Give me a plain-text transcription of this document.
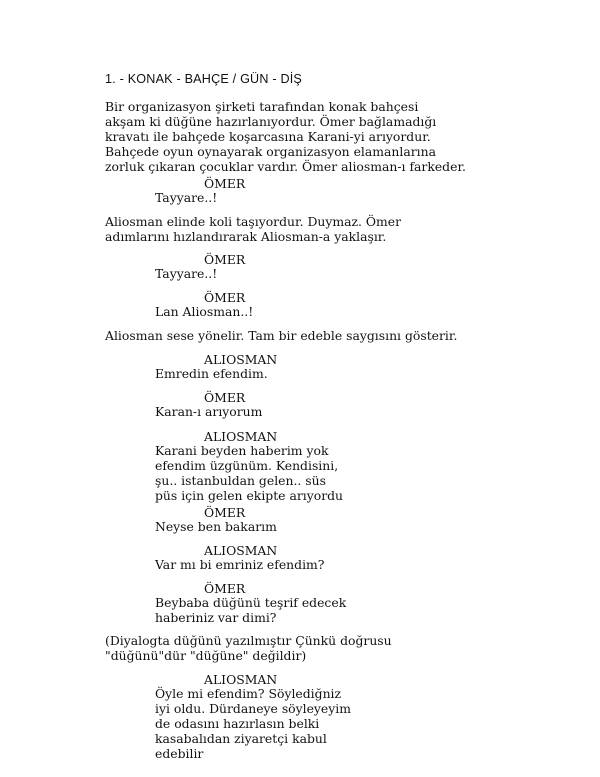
1. - KONAK - BAHÇE / GÜN - DİŞ
Bir organizasyon şirketi tarafından konak bahçesi
akşam ki düğüne hazırlanıyordur. Ömer bağlamadığı
kravatı ile bahçede koşarcasına Karani-yi arıyordur.
Bahçede oyun oynayarak organizasyon elamanlarına
zorluk çıkaran çocuklar vardır. Ömer aliosman-ı farkeder.
ÖMER
Tayyare..!
Aliosman elinde koli taşıyordur. Duymaz. Ömer
adımlarını hızlandırarak Aliosman-a yaklaşır.
ÖMER
Tayyare..!
ÖMER
Lan Aliosman..!
Aliosman sese yönelir. Tam bir edeble saygısını gösterir.
ALIOSMAN
Emredin efendim.
ÖMER
Karan-ı arıyorum
ALIOSMAN
Karani beyden haberim yok
efendim üzgünüm. Kendisini,
şu.. istanbuldan gelen.. süs
püs için gelen ekipte arıyordu
ÖMER
Neyse ben bakarım
ALIOSMAN
Var mı bi emriniz efendim?
ÖMER
Beybaba düğünü teşrif edecek
haberiniz var dimi?
(Diyalogta düğünü yazılmıştır Çünkü doğrusu
"düğünü"dür "düğüne" değildir)
ALIOSMAN
Öyle mi efendim? Söylediğniz
iyi oldu. Dürdaneye söyleyeyim
de odasını hazırlasın belki
kasabalıdan ziyaretçi kabul
edebilir
